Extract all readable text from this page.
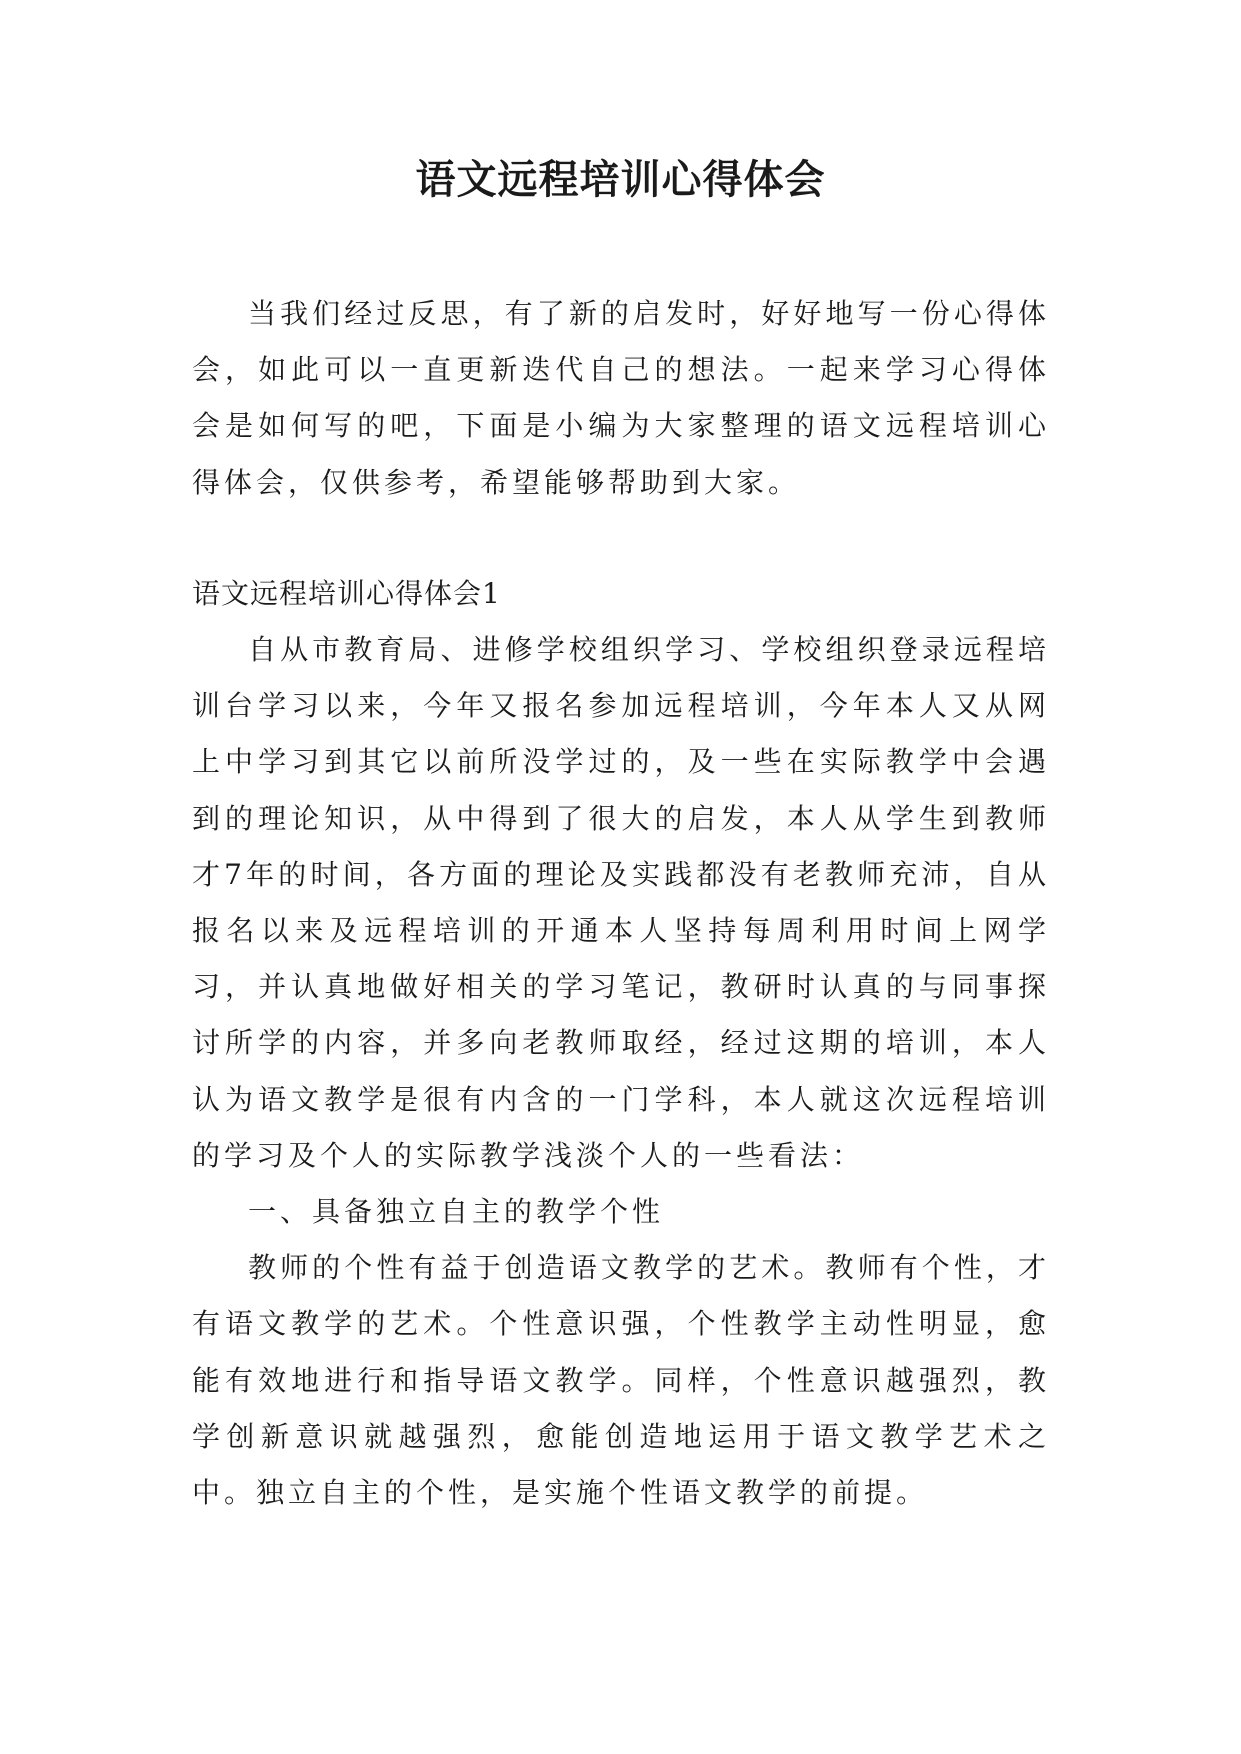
语文远程培训心得体会

当我们经过反思，有了新的启发时，好好地写一份心得体会，如此可以一直更新迭代自己的想法。一起来学习心得体会是如何写的吧，下面是小编为大家整理的语文远程培训心得体会，仅供参考，希望能够帮助到大家。

语文远程培训心得体会1

自从市教育局、进修学校组织学习、学校组织登录远程培训台学习以来，今年又报名参加远程培训，今年本人又从网上中学习到其它以前所没学过的，及一些在实际教学中会遇到的理论知识，从中得到了很大的启发，本人从学生到教师才7年的时间，各方面的理论及实践都没有老教师充沛，自从报名以来及远程培训的开通本人坚持每周利用时间上网学习，并认真地做好相关的学习笔记，教研时认真的与同事探讨所学的内容，并多向老教师取经，经过这期的培训，本人认为语文教学是很有内含的一门学科，本人就这次远程培训的学习及个人的实际教学浅淡个人的一些看法：

一、具备独立自主的教学个性

教师的个性有益于创造语文教学的艺术。教师有个性，才有语文教学的艺术。个性意识强，个性教学主动性明显，愈能有效地进行和指导语文教学。同样，个性意识越强烈，教学创新意识就越强烈，愈能创造地运用于语文教学艺术之中。独立自主的个性，是实施个性语文教学的前提。
